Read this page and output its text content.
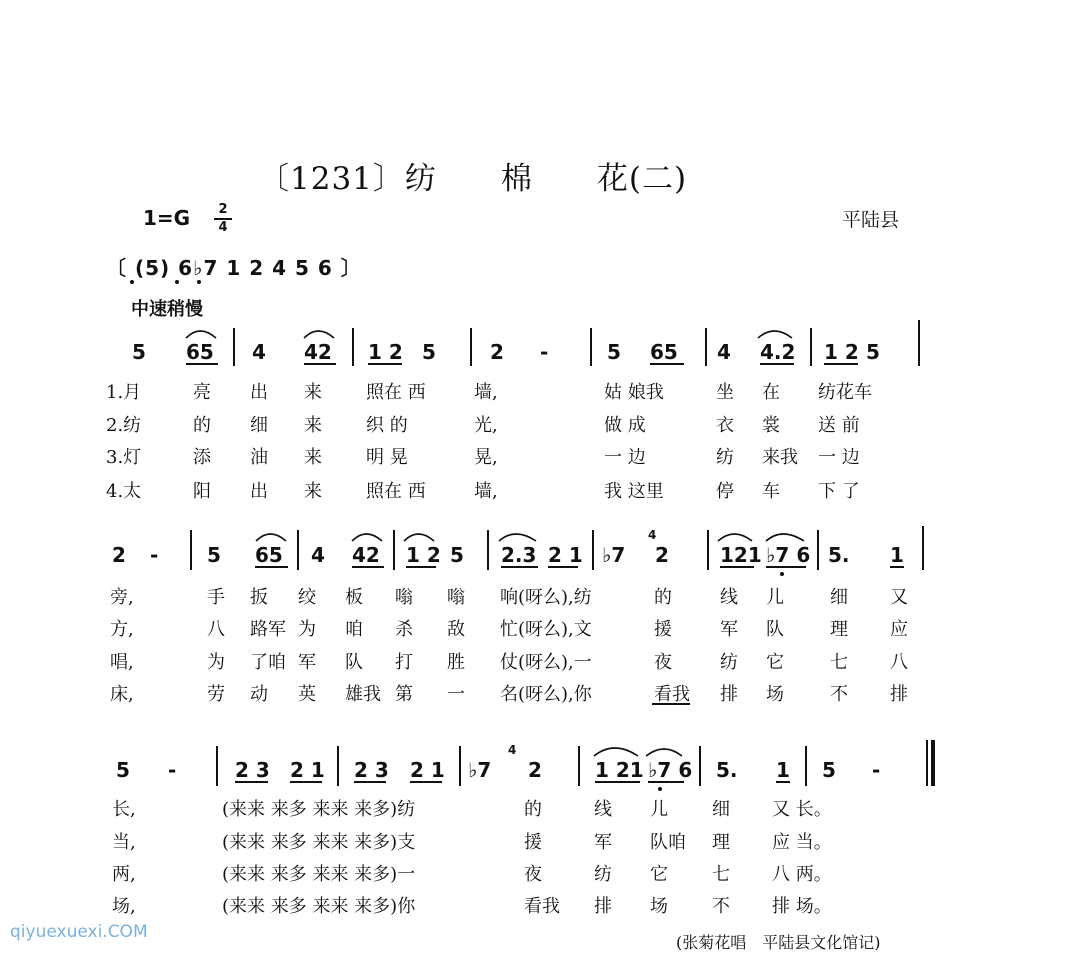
〔1231〕纺　　棉　　花(二)
1=G	2
4	平陆县
〔 (5) 6♭7 1 2 4 5 6 〕
中速稍慢
5 65 4 42 1 2 5	2 -	5 65 4 4.2 1 2 5
1.月	亮 出 来 照在 西	墙,	姑 娘我	坐 在 纺花车
2.纺	的 细 来 织 的	光,	做 成	衣 裳 送 前
3.灯	添 油 来 明 晃	晃,	一 边	纺 来我 一 边
4.太	阳 出 来 照在 西	墙,	我 这里	停 车 下 了
2 - 5 65 4 42 1 2 5 2.3 2 1 ♭7 2
4
121 ♭7 6 5. 1
旁,	手 扳 绞 板 嗡 嗡 响(呀么),纺	的	线 儿	细 又
方,	八 路军 为 咱 杀 敌 忙(呀么),文	援	军 队	理 应
唱,	为 了咱 军 队 打 胜 仗(呀么),一	夜	纺 它	七 八
床,	劳 动 英 雄我 第 一 名(呀么),你	看我 排 场	不 排
5 -	2 3 2 1 2 3 2 1 ♭7 2
4
1 21 ♭7 6 5. 1 5 -
长,	(来来 来多 来来 来多)纺	的	线 儿 细 又 长。
当,	(来来 来多 来来 来多)支	援	军 队咱 理 应 当。
两,	(来来 来多 来来 来多)一	夜	纺 它 七 八 两。
场,	(来来 来多 来来 来多)你	看我 排 场 不 排 场。
(张菊花唱　平陆县文化馆记)
qiyuexuexi.COM
